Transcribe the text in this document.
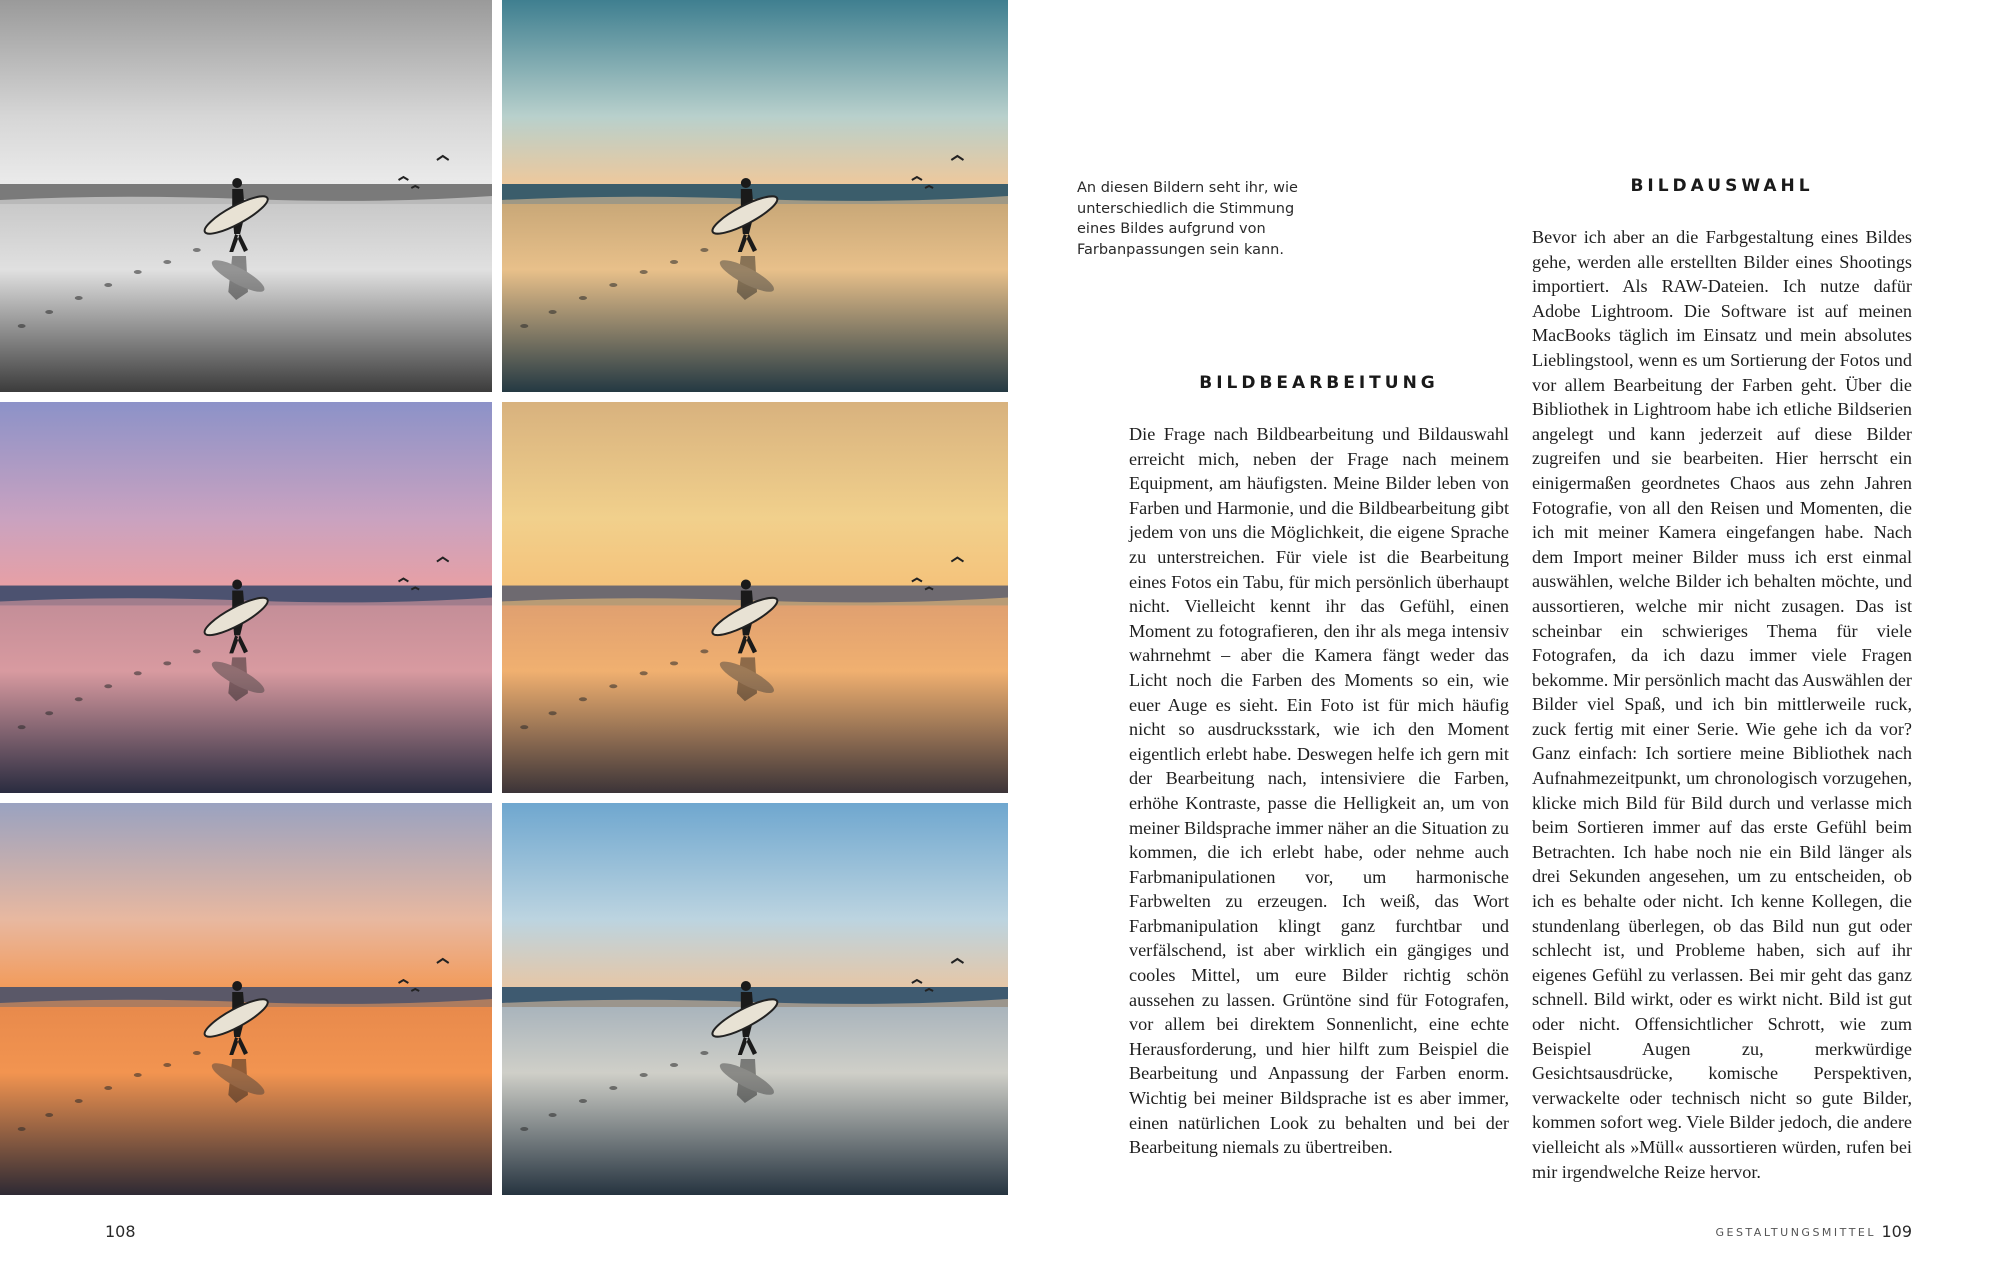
An diesen Bildern seht ihr, wie unterschiedlich die Stimmung eines Bildes aufgrund von Farbanpassungen sein kann.

BILDBEARBEITUNG

Die Frage nach Bildbearbeitung und Bildauswahl erreicht mich, neben der Frage nach meinem Equipment, am häufigsten. Meine Bilder leben von Farben und Harmonie, und die Bildbearbeitung gibt jedem von uns die Möglichkeit, die eigene Sprache zu unterstreichen. Für viele ist die Bearbeitung eines Fotos ein Tabu, für mich persönlich überhaupt nicht. Vielleicht kennt ihr das Gefühl, einen Moment zu fotografieren, den ihr als mega intensiv wahrnehmt – aber die Kamera fängt weder das Licht noch die Farben des Moments so ein, wie euer Auge es sieht. Ein Foto ist für mich häufig nicht so ausdrucksstark, wie ich den Moment eigentlich erlebt habe. Deswegen helfe ich gern mit der Bearbeitung nach, intensiviere die Farben, erhöhe Kontraste, passe die Helligkeit an, um von meiner Bildsprache immer näher an die Situation zu kommen, die ich erlebt habe, oder nehme auch Farbmanipulationen vor, um harmonische Farbwelten zu erzeugen. Ich weiß, das Wort Farbmanipulation klingt ganz furchtbar und verfälschend, ist aber wirklich ein gängiges und cooles Mittel, um eure Bilder richtig schön aussehen zu lassen. Grüntöne sind für Fotografen, vor allem bei direktem Sonnenlicht, eine echte Herausforderung, und hier hilft zum Beispiel die Bearbeitung und Anpassung der Farben enorm. Wichtig bei meiner Bildsprache ist es aber immer, einen natürlichen Look zu behalten und bei der Bearbeitung niemals zu übertreiben.

BILDAUSWAHL

Bevor ich aber an die Farbgestaltung eines Bildes gehe, werden alle erstellten Bilder eines Shootings importiert. Als RAW-Dateien. Ich nutze dafür Adobe Lightroom. Die Software ist auf meinen MacBooks täglich im Einsatz und mein absolutes Lieblingstool, wenn es um Sortierung der Fotos und vor allem Bearbeitung der Farben geht. Über die Bibliothek in Lightroom habe ich etliche Bildserien angelegt und kann jederzeit auf diese Bilder zugreifen und sie bearbeiten. Hier herrscht ein einigermaßen geordnetes Chaos aus zehn Jahren Fotografie, von all den Reisen und Momenten, die ich mit meiner Kamera eingefangen habe. Nach dem Import meiner Bilder muss ich erst einmal auswählen, welche Bilder ich behalten möchte, und aussortieren, welche mir nicht zusagen. Das ist scheinbar ein schwieriges Thema für viele Fotografen, da ich dazu immer viele Fragen bekomme. Mir persönlich macht das Auswählen der Bilder viel Spaß, und ich bin mittlerweile ruck, zuck fertig mit einer Serie. Wie gehe ich da vor? Ganz einfach: Ich sortiere meine Bibliothek nach Aufnahmezeitpunkt, um chronologisch vorzugehen, klicke mich Bild für Bild durch und verlasse mich beim Sortieren immer auf das erste Gefühl beim Betrachten. Ich habe noch nie ein Bild länger als drei Sekunden angesehen, um zu entscheiden, ob ich es behalte oder nicht. Ich kenne Kollegen, die stundenlang überlegen, ob das Bild nun gut oder schlecht ist, und Probleme haben, sich auf ihr eigenes Gefühl zu verlassen. Bei mir geht das ganz schnell. Bild wirkt, oder es wirkt nicht. Bild ist gut oder nicht. Offensichtlicher Schrott, wie zum Beispiel Augen zu, merkwürdige Gesichtsausdrücke, komische Perspektiven, verwackelte oder technisch nicht so gute Bilder, kommen sofort weg. Viele Bilder jedoch, die andere vielleicht als »Müll« aussortieren würden, rufen bei mir irgendwelche Reize hervor.

108	GESTALTUNGSMITTEL 109
